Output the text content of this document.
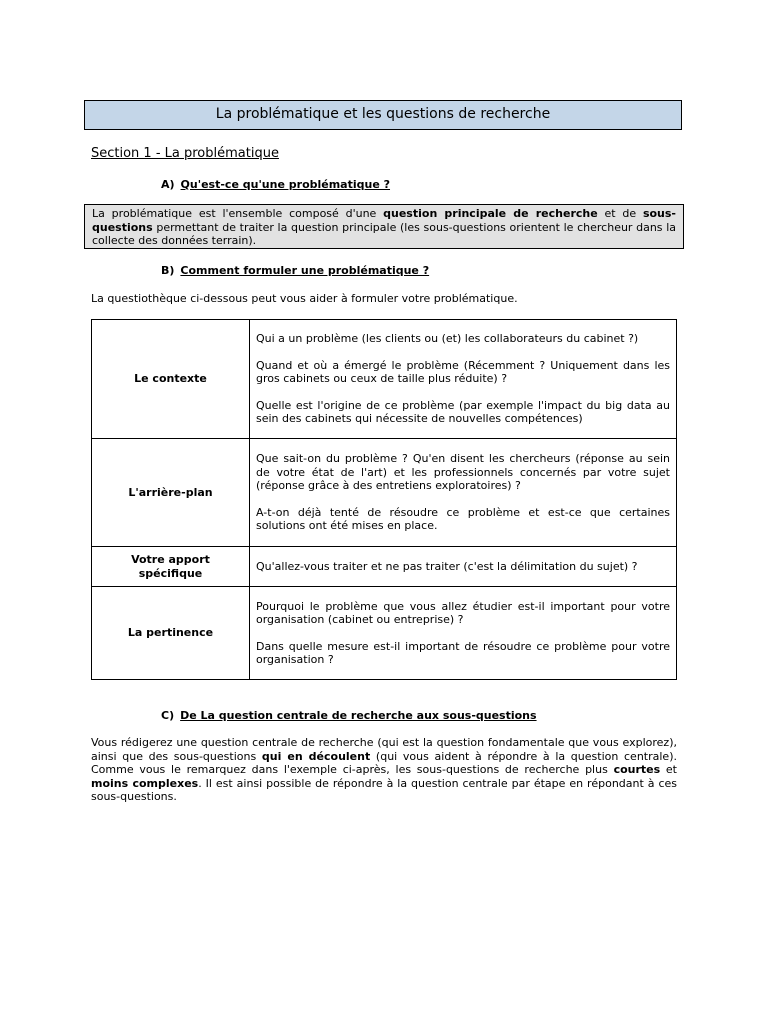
La problématique et les questions de recherche
Section 1 - La problématique
A) Qu'est-ce qu'une problématique ?
La problématique est l'ensemble composé d'une question principale de recherche et de sous-questions permettant de traiter la question principale (les sous-questions orientent le chercheur dans la collecte des données terrain).
B) Comment formuler une problématique ?
La questiothèque ci-dessous peut vous aider à formuler votre problématique.
Le contexte	Qui a un problème (les clients ou (et) les collaborateurs du cabinet ?)

Quand et où a émergé le problème (Récemment ? Uniquement dans les gros cabinets ou ceux de taille plus réduite) ?

Quelle est l'origine de ce problème (par exemple l'impact du big data au sein des cabinets qui nécessite de nouvelles compétences)

L'arrière-plan	Que sait-on du problème ? Qu'en disent les chercheurs (réponse au sein de votre état de l'art) et les professionnels concernés par votre sujet (réponse grâce à des entretiens exploratoires) ?

A-t-on déjà tenté de résoudre ce problème et est-ce que certaines solutions ont été mises en place.

Votre apport spécifique	Qu'allez-vous traiter et ne pas traiter (c'est la délimitation du sujet) ?

La pertinence	Pourquoi le problème que vous allez étudier est-il important pour votre organisation (cabinet ou entreprise) ?

Dans quelle mesure est-il important de résoudre ce problème pour votre organisation ?

C) De La question centrale de recherche aux sous-questions
Vous rédigerez une question centrale de recherche (qui est la question fondamentale que vous explorez), ainsi que des sous-questions qui en découlent (qui vous aident à répondre à la question centrale). Comme vous le remarquez dans l'exemple ci-après, les sous-questions de recherche plus courtes et moins complexes. Il est ainsi possible de répondre à la question centrale par étape en répondant à ces sous-questions.
